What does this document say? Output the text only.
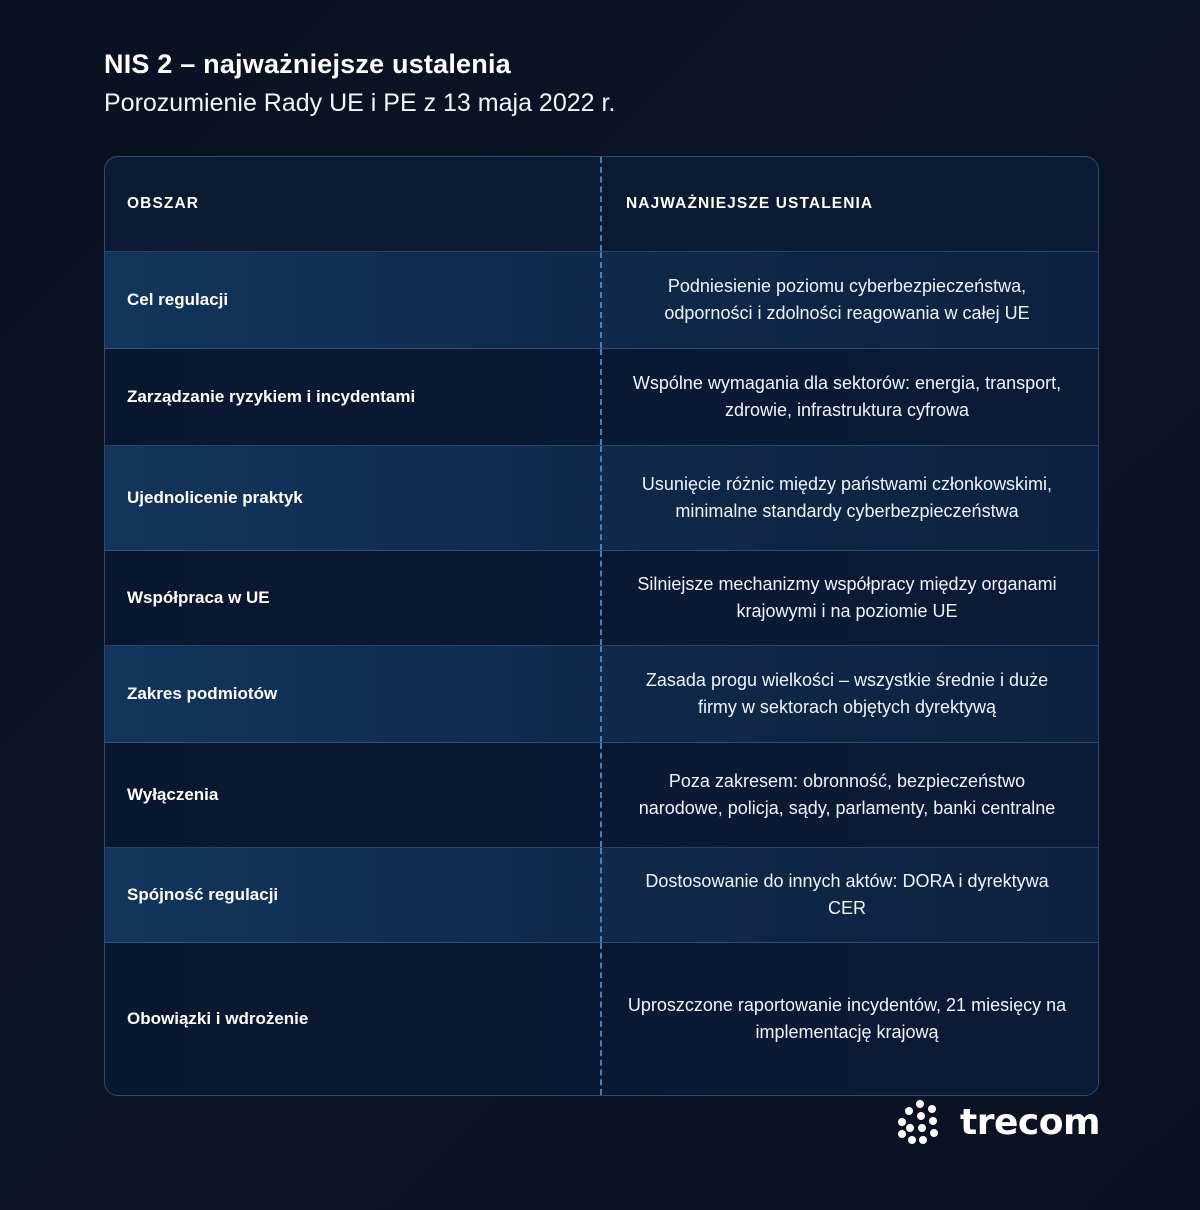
NIS 2 – najważniejsze ustalenia
Porozumienie Rady UE i PE z 13 maja 2022 r.
OBSZAR	NAJWAŻNIEJSZE USTALENIA
Cel regulacji
Podniesienie poziomu cyberbezpieczeństwa, odporności i zdolności reagowania w całej UE
Zarządzanie ryzykiem i incydentami
Wspólne wymagania dla sektorów: energia, transport, zdrowie, infrastruktura cyfrowa
Ujednolicenie praktyk
Usunięcie różnic między państwami członkowskimi, minimalne standardy cyberbezpieczeństwa
Współpraca w UE
Silniejsze mechanizmy współpracy między organami krajowymi i na poziomie UE
Zakres podmiotów
Zasada progu wielkości – wszystkie średnie i duże firmy w sektorach objętych dyrektywą
Wyłączenia
Poza zakresem: obronność, bezpieczeństwo narodowe, policja, sądy, parlamenty, banki centralne
Spójność regulacji
Dostosowanie do innych aktów: DORA i dyrektywa CER
Obowiązki i wdrożenie
Uproszczone raportowanie incydentów, 21 miesięcy na implementację krajową
trecom
